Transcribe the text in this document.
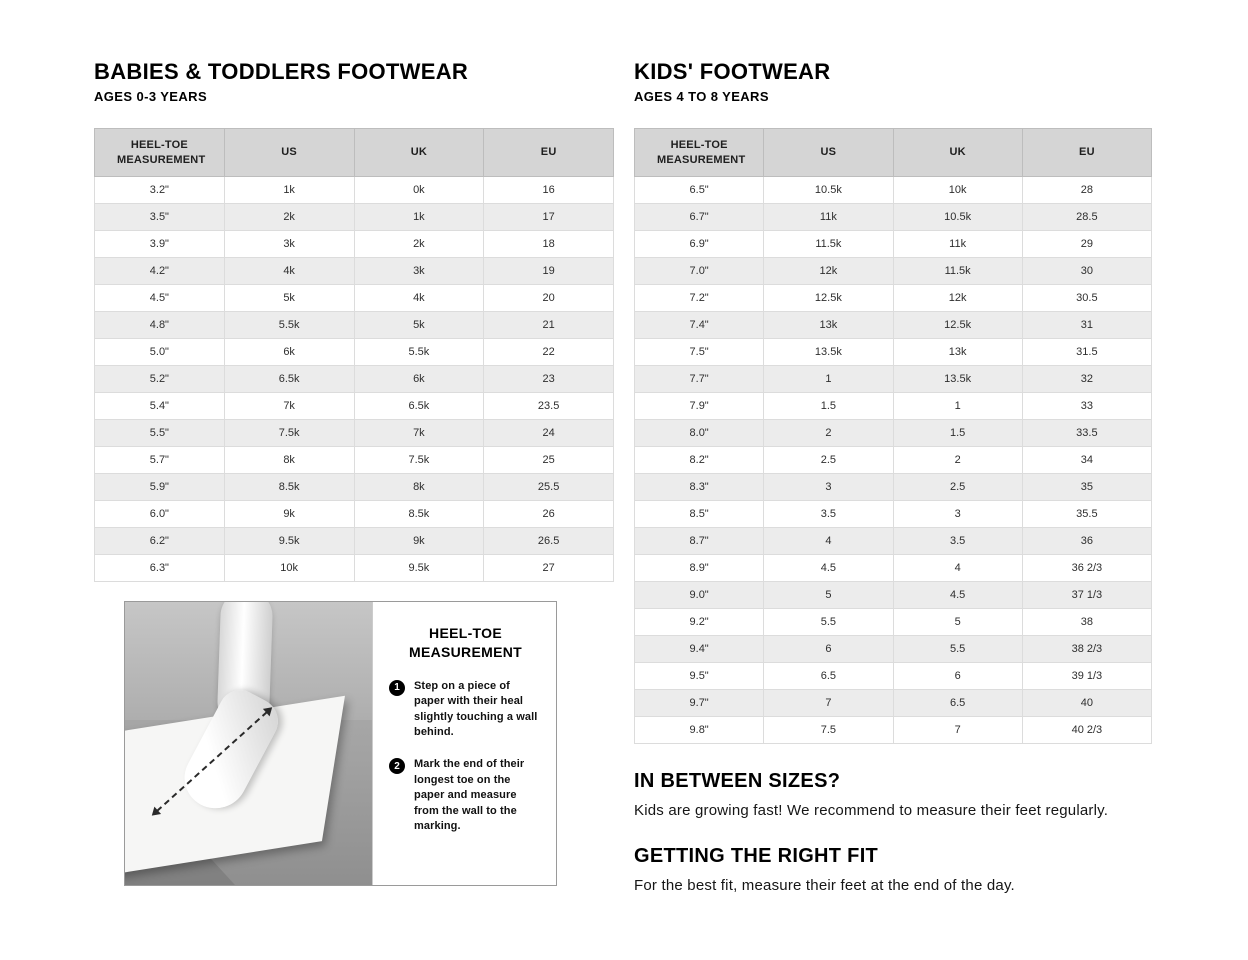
BABIES & TODDLERS FOOTWEAR
AGES 0-3 YEARS
HEEL-TOE MEASUREMENT	US	UK	EU
3.2"	1k	0k	16
3.5"	2k	1k	17
3.9"	3k	2k	18
4.2"	4k	3k	19
4.5"	5k	4k	20
4.8"	5.5k	5k	21
5.0"	6k	5.5k	22
5.2"	6.5k	6k	23
5.4"	7k	6.5k	23.5
5.5"	7.5k	7k	24
5.7"	8k	7.5k	25
5.9"	8.5k	8k	25.5
6.0"	9k	8.5k	26
6.2"	9.5k	9k	26.5
6.3"	10k	9.5k	27
KIDS' FOOTWEAR
AGES 4 TO 8 YEARS
HEEL-TOE MEASUREMENT	US	UK	EU
6.5"	10.5k	10k	28
6.7"	11k	10.5k	28.5
6.9"	11.5k	11k	29
7.0"	12k	11.5k	30
7.2"	12.5k	12k	30.5
7.4"	13k	12.5k	31
7.5"	13.5k	13k	31.5
7.7"	1	13.5k	32
7.9"	1.5	1	33
8.0"	2	1.5	33.5
8.2"	2.5	2	34
8.3"	3	2.5	35
8.5"	3.5	3	35.5
8.7"	4	3.5	36
8.9"	4.5	4	36 2/3
9.0"	5	4.5	37 1/3
9.2"	5.5	5	38
9.4"	6	5.5	38 2/3
9.5"	6.5	6	39 1/3
9.7"	7	6.5	40
9.8"	7.5	7	40 2/3
IN BETWEEN SIZES?

Kids are growing fast! We recommend to measure their feet regularly.

GETTING THE RIGHT FIT

For the best fit, measure their feet at the end of the day.

HEEL-TOE MEASUREMENT
1	Step on a piece of paper with their heal slightly touching a wall behind.
2	Mark the end of their longest toe on the paper and measure from the wall to the marking.
